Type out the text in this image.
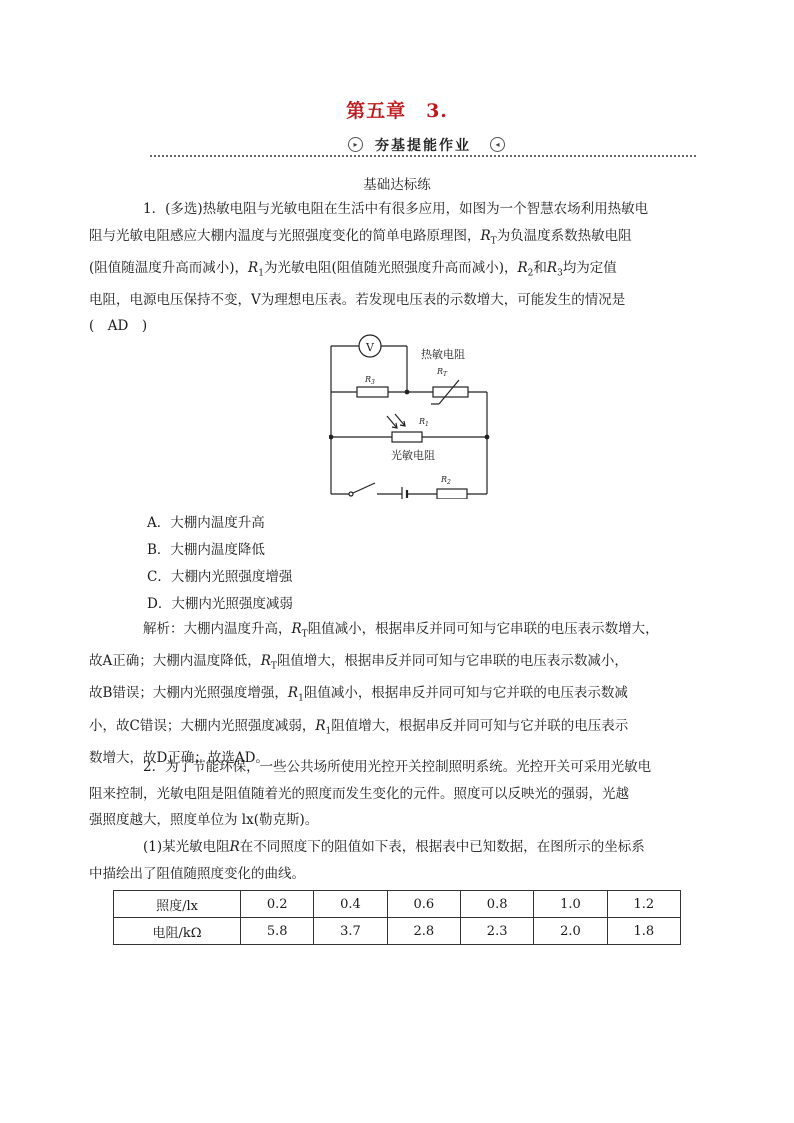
第五章　3.
▸	夯基提能作业	◂
基础达标练

1．(多选)热敏电阻与光敏电阻在生活中有很多应用，如图为一个智慧农场利用热敏电
阻与光敏电阻感应大棚内温度与光照强度变化的简单电路原理图，$R_T$为负温度系数热敏电阻
(阻值随温度升高而减小)，$R_1$为光敏电阻(阻值随光照强度升高而减小)，$R_2$和$R_3$均为定值
电阻，电源电压保持不变，V为理想电压表。若发现电压表的示数增大，可能发生的情况是
(　AD　)

V
热敏电阻
$R_3$
$R_T$
$R_1$
光敏电阻
$R_2$
A．大棚内温度升高
B．大棚内温度降低
C．大棚内光照强度增强
D．大棚内光照强度减弱

解析：大棚内温度升高，$R_T$阻值减小，根据串反并同可知与它串联的电压表示数增大，
故A正确；大棚内温度降低，$R_T$阻值增大，根据串反并同可知与它串联的电压表示数减小，
故B错误；大棚内光照强度增强，$R_1$阻值减小，根据串反并同可知与它并联的电压表示数减
小，故C错误；大棚内光照强度减弱，$R_1$阻值增大，根据串反并同可知与它并联的电压表示
数增大，故D正确；故选AD。

2．为了节能环保，一些公共场所使用光控开关控制照明系统。光控开关可采用光敏电
阻来控制，光敏电阻是阻值随着光的照度而发生变化的元件。照度可以反映光的强弱，光越
强照度越大，照度单位为 lx(勒克斯)。

(1)某光敏电阻R在不同照度下的阻值如下表，根据表中已知数据，在图所示的坐标系
中描绘出了阻值随照度变化的曲线。

照度/lx	0.2	0.4	0.6	0.8	1.0	1.2
电阻/kΩ	5.8	3.7	2.8	2.3	2.0	1.8
